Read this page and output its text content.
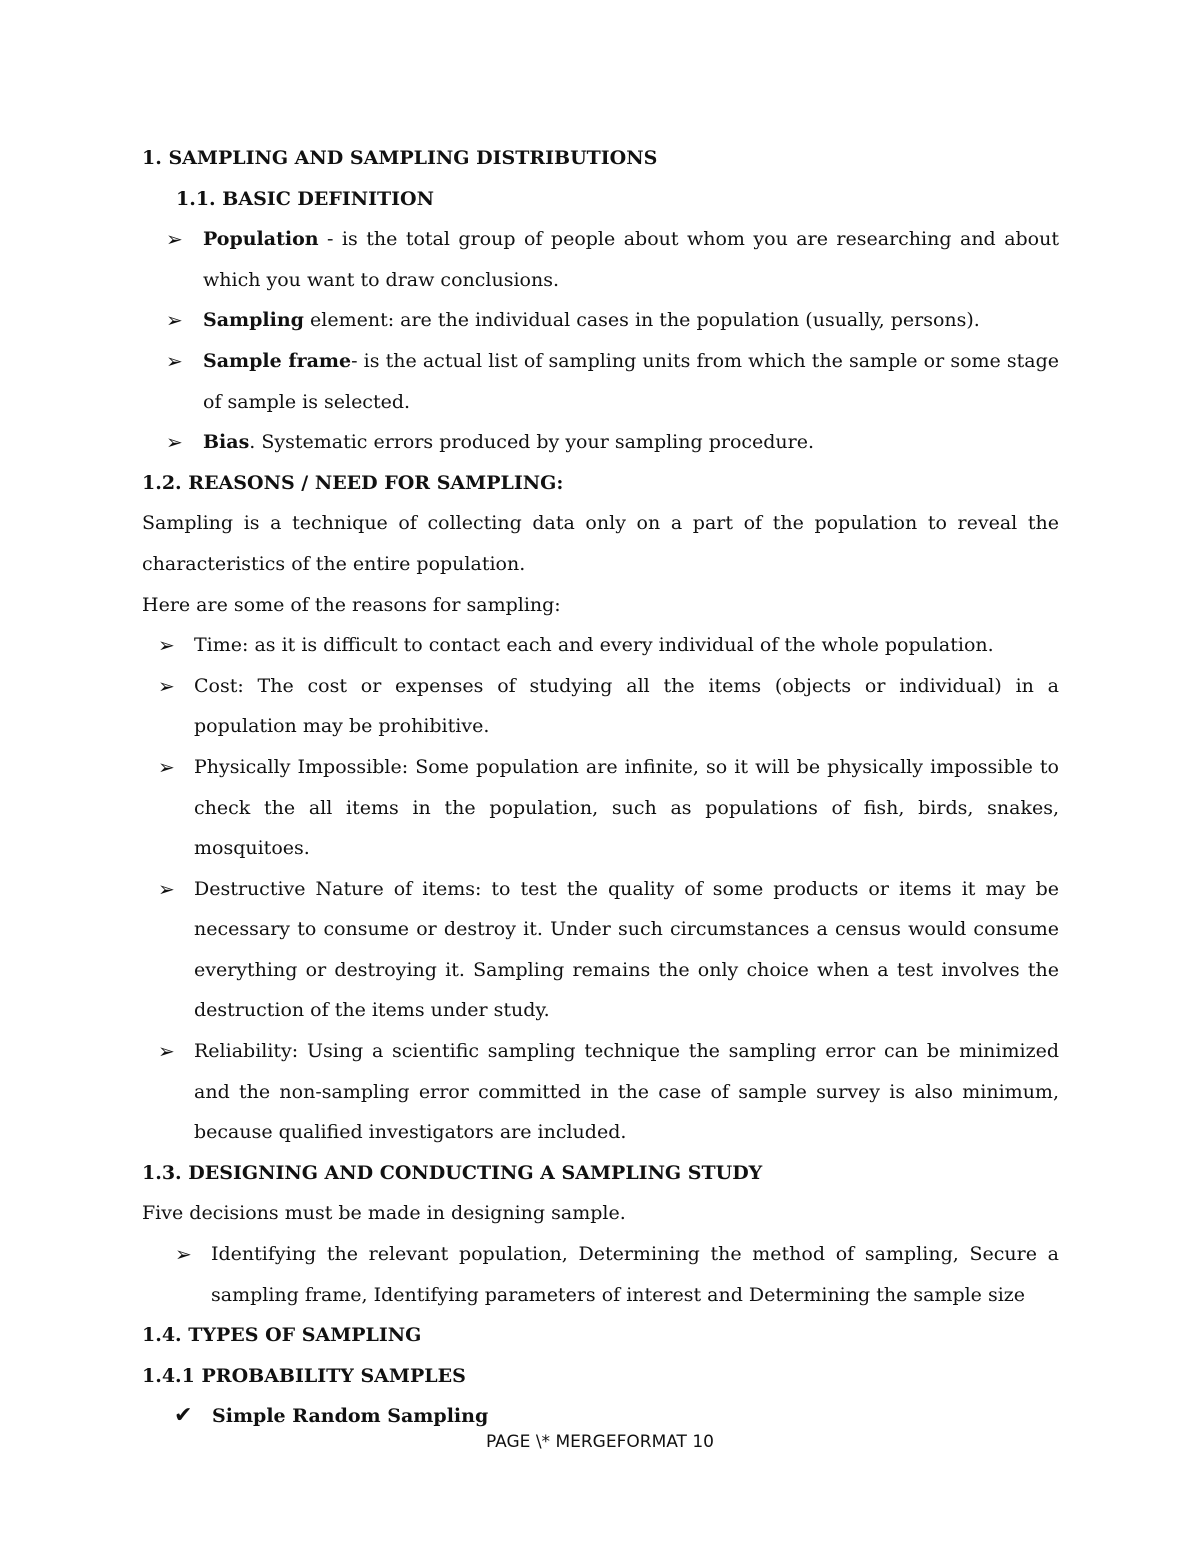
1. SAMPLING AND SAMPLING DISTRIBUTIONS
1.1. BASIC DEFINITION
➢ Population - is the total group of people about whom you are researching and about which you want to draw conclusions.
➢ Sampling element: are the individual cases in the population (usually, persons).
➢ Sample frame- is the actual list of sampling units from which the sample or some stage of sample is selected.
➢ Bias. Systematic errors produced by your sampling procedure.
1.2. REASONS / NEED FOR SAMPLING:

Sampling is a technique of collecting data only on a part of the population to reveal the characteristics of the entire population.

Here are some of the reasons for sampling:

➢ Time: as it is difficult to contact each and every individual of the whole population.
➢ Cost: The cost or expenses of studying all the items (objects or individual) in a population may be prohibitive.
➢ Physically Impossible: Some population are infinite, so it will be physically impossible to check the all items in the population, such as populations of fish, birds, snakes, mosquitoes.
➢ Destructive Nature of items: to test the quality of some products or items it may be necessary to consume or destroy it. Under such circumstances a census would consume everything or destroying it. Sampling remains the only choice when a test involves the destruction of the items under study.
➢ Reliability: Using a scientific sampling technique the sampling error can be minimized and the non-sampling error committed in the case of sample survey is also minimum, because qualified investigators are included.
1.3. DESIGNING AND CONDUCTING A SAMPLING STUDY

Five decisions must be made in designing sample.

➢ Identifying the relevant population, Determining the method of sampling, Secure a sampling frame, Identifying parameters of interest and Determining the sample size
1.4. TYPES OF SAMPLING
1.4.1 PROBABILITY SAMPLES
✔ Simple Random Sampling
PAGE \* MERGEFORMAT 10
